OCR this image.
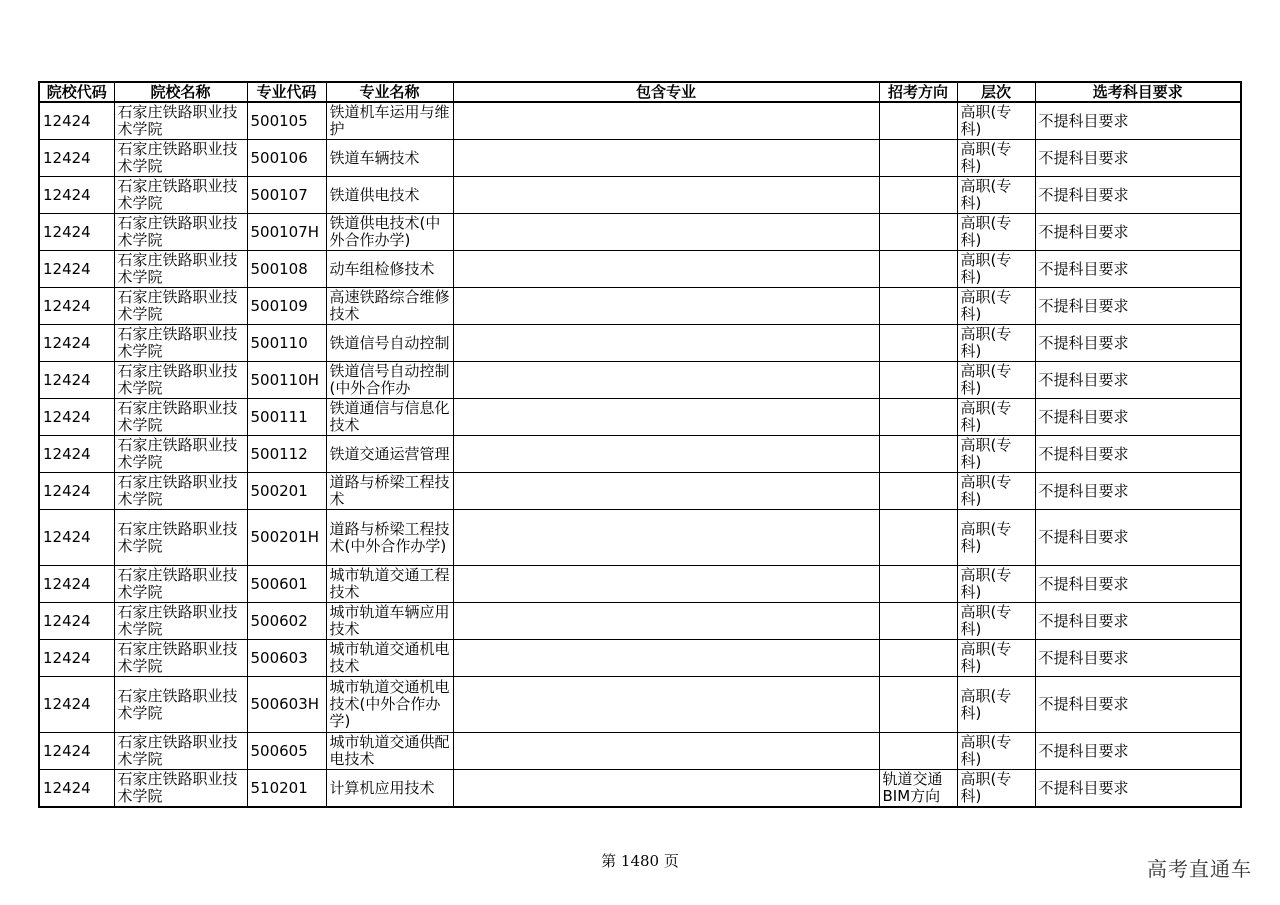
院校代码	院校名称	专业代码	专业名称	包含专业	招考方向	层次	选考科目要求
12424	石家庄铁路职业技术学院	500105	铁道机车运用与维护			高职(专科)	不提科目要求
12424	石家庄铁路职业技术学院	500106	铁道车辆技术			高职(专科)	不提科目要求
12424	石家庄铁路职业技术学院	500107	铁道供电技术			高职(专科)	不提科目要求
12424	石家庄铁路职业技术学院	500107H	铁道供电技术(中外合作办学)			高职(专科)	不提科目要求
12424	石家庄铁路职业技术学院	500108	动车组检修技术			高职(专科)	不提科目要求
12424	石家庄铁路职业技术学院	500109	高速铁路综合维修技术			高职(专科)	不提科目要求
12424	石家庄铁路职业技术学院	500110	铁道信号自动控制			高职(专科)	不提科目要求
12424	石家庄铁路职业技术学院	500110H	铁道信号自动控制(中外合作办			高职(专科)	不提科目要求
12424	石家庄铁路职业技术学院	500111	铁道通信与信息化技术			高职(专科)	不提科目要求
12424	石家庄铁路职业技术学院	500112	铁道交通运营管理			高职(专科)	不提科目要求
12424	石家庄铁路职业技术学院	500201	道路与桥梁工程技术			高职(专科)	不提科目要求
12424	石家庄铁路职业技术学院	500201H	道路与桥梁工程技术(中外合作办学)			高职(专科)	不提科目要求
12424	石家庄铁路职业技术学院	500601	城市轨道交通工程技术			高职(专科)	不提科目要求
12424	石家庄铁路职业技术学院	500602	城市轨道车辆应用技术			高职(专科)	不提科目要求
12424	石家庄铁路职业技术学院	500603	城市轨道交通机电技术			高职(专科)	不提科目要求
12424	石家庄铁路职业技术学院	500603H	城市轨道交通机电技术(中外合作办学)			高职(专科)	不提科目要求
12424	石家庄铁路职业技术学院	500605	城市轨道交通供配电技术			高职(专科)	不提科目要求
12424	石家庄铁路职业技术学院	510201	计算机应用技术		轨道交通BIM方向	高职(专科)	不提科目要求
第 1480 页	高考直通车
